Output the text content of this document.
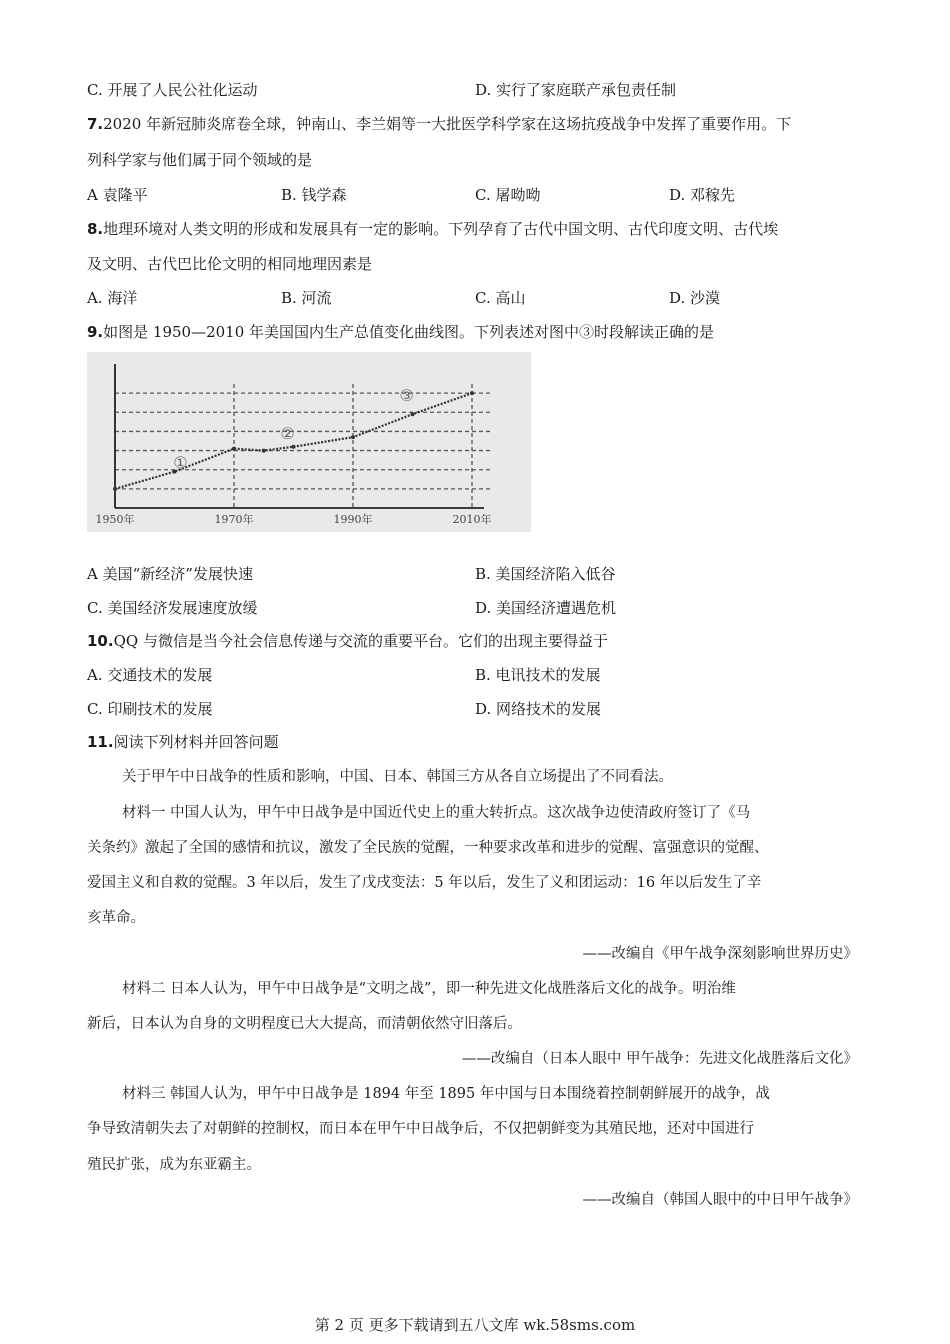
C. 开展了人民公社化运动	D. 实行了家庭联产承包责任制
7.2020 年新冠肺炎席卷全球，钟南山、李兰娟等一大批医学科学家在这场抗疫战争中发挥了重要作用。下
列科学家与他们属于同个领域的是
A 袁隆平	B. 钱学森	C. 屠呦呦	D. 邓稼先
8.地理环境对人类文明的形成和发展具有一定的影响。下列孕育了古代中国文明、古代印度文明、古代埃
及文明、古代巴比伦文明的相同地理因素是
A. 海洋	B. 河流	C. 高山	D. 沙漠
9.如图是 1950—2010 年美国国内生产总值变化曲线图。下列表述对图中③时段解读正确的是
1950年	1970年	1990年	2010年
①
②
③
A 美国“新经济”发展快速	B. 美国经济陷入低谷
C. 美国经济发展速度放缓	D. 美国经济遭遇危机
10.QQ 与微信是当今社会信息传递与交流的重要平台。它们的出现主要得益于
A. 交通技术的发展	B. 电讯技术的发展
C. 印刷技术的发展	D. 网络技术的发展
11.阅读下列材料并回答问题
关于甲午中日战争的性质和影响，中国、日本、韩国三方从各自立场提出了不同看法。
材料一 中国人认为，甲午中日战争是中国近代史上的重大转折点。这次战争边使清政府签订了《马
关条约》激起了全国的感情和抗议，激发了全民族的觉醒，一种要求改革和进步的觉醒、富强意识的觉醒、
爱国主义和自救的觉醒。3 年以后，发生了戊戌变法：5 年以后，发生了义和团运动：16 年以后发生了辛
亥革命。
——改编自《甲午战争深刻影响世界历史》
材料二 日本人认为，甲午中日战争是“文明之战”，即一种先进文化战胜落后文化的战争。明治维
新后，日本认为自身的文明程度已大大提高，而清朝依然守旧落后。
——改编自（日本人眼中 甲午战争：先进文化战胜落后文化》
材料三 韩国人认为，甲午中日战争是 1894 年至 1895 年中国与日本围绕着控制朝鲜展开的战争，战
争导致清朝失去了对朝鲜的控制权，而日本在甲午中日战争后，不仅把朝鲜变为其殖民地，还对中国进行
殖民扩张，成为东亚霸主。
——改编自（韩国人眼中的中日甲午战争》
第 2 页 更多下载请到五八文库 wk.58sms.com
